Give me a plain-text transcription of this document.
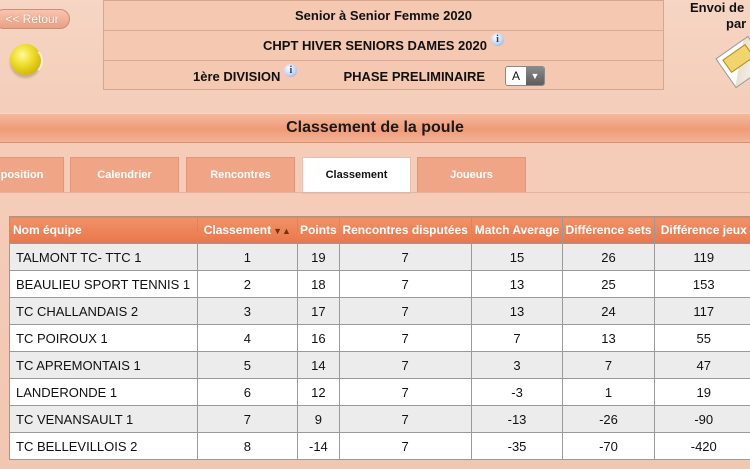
<< Retour	Senior à Senior Femme 2020
CHPT HIVER SENIORS DAMES 2020 i
1ère DIVISION i	PHASE PRELIMINAIRE	A	▼
Envoi de
par
Classement de la poule
position	Calendrier	Rencontres	Classement	Joueurs
Nom équipe	Classement ▼▲	Points	Rencontres disputées	Match Average	Différence sets	Différence jeux
TALMONT TC- TTC 1	1	19	7	15	26	119
BEAULIEU SPORT TENNIS 1	2	18	7	13	25	153
TC CHALLANDAIS 2	3	17	7	13	24	117
TC POIROUX 1	4	16	7	7	13	55
TC APREMONTAIS 1	5	14	7	3	7	47
LANDERONDE 1	6	12	7	-3	1	19
TC VENANSAULT 1	7	9	7	-13	-26	-90
TC BELLEVILLOIS 2	8	-14	7	-35	-70	-420
